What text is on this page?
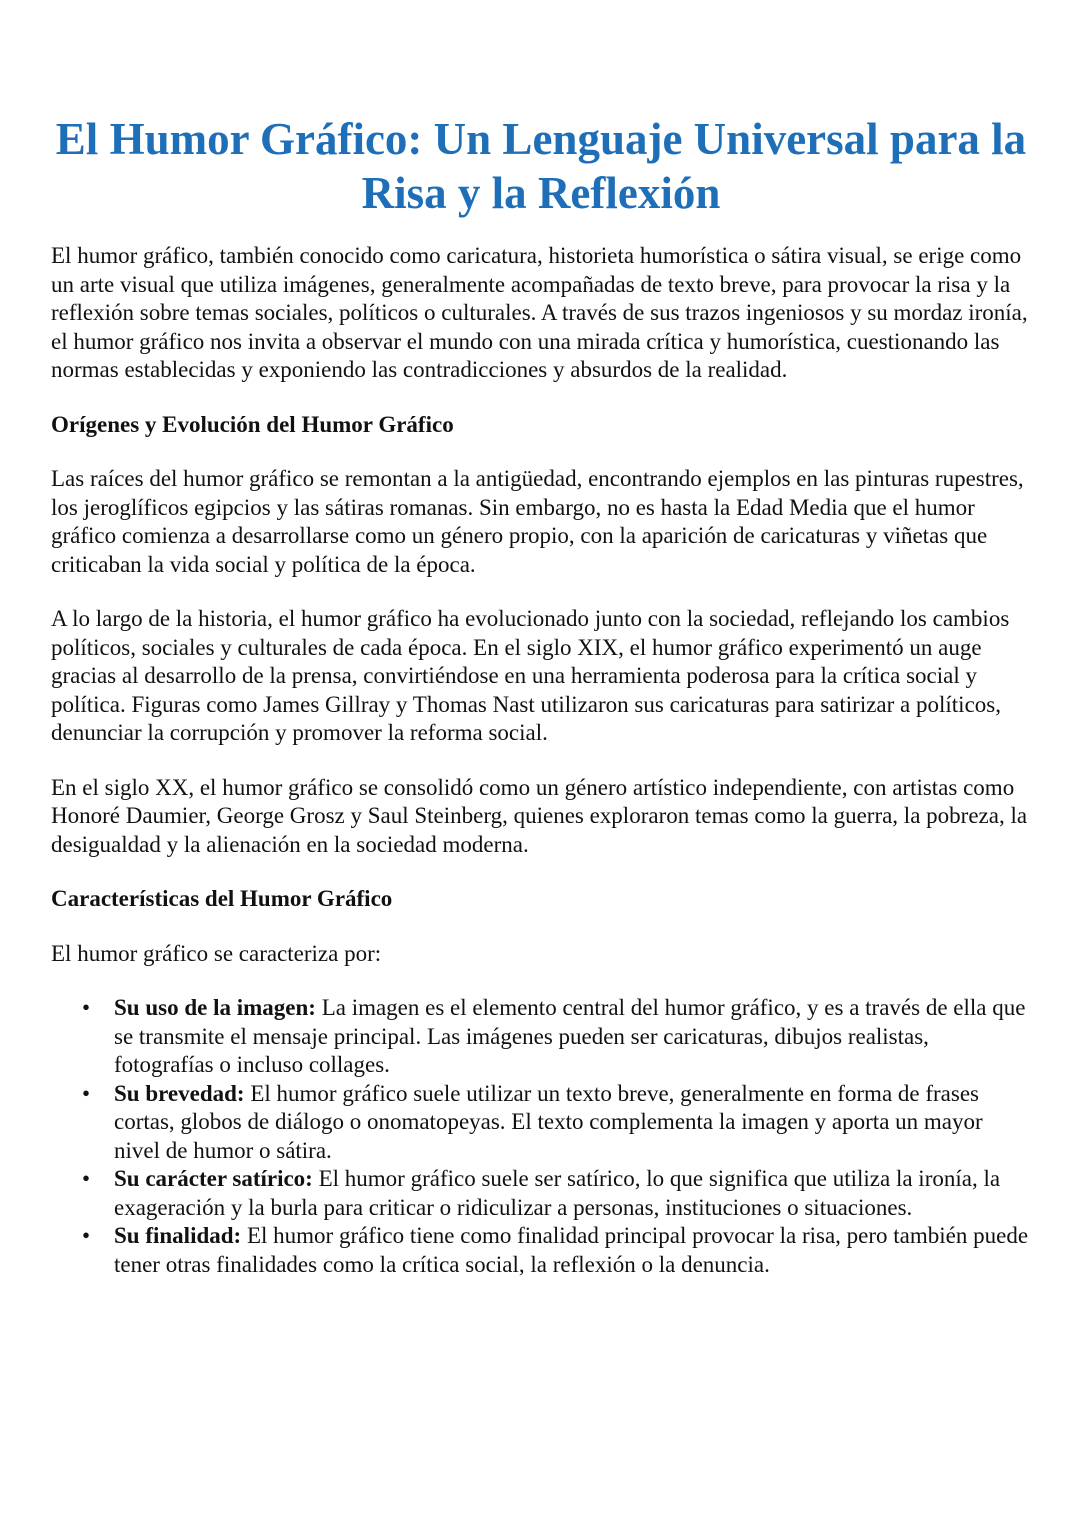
El Humor Gráfico: Un Lenguaje Universal para la Risa y la Reflexión

El humor gráfico, también conocido como caricatura, historieta humorística o sátira visual, se erige como un arte visual que utiliza imágenes, generalmente acompañadas de texto breve, para provocar la risa y la reflexión sobre temas sociales, políticos o culturales. A través de sus trazos ingeniosos y su mordaz ironía, el humor gráfico nos invita a observar el mundo con una mirada crítica y humorística, cuestionando las normas establecidas y exponiendo las contradicciones y absurdos de la realidad.

Orígenes y Evolución del Humor Gráfico

Las raíces del humor gráfico se remontan a la antigüedad, encontrando ejemplos en las pinturas rupestres, los jeroglíficos egipcios y las sátiras romanas. Sin embargo, no es hasta la Edad Media que el humor gráfico comienza a desarrollarse como un género propio, con la aparición de caricaturas y viñetas que criticaban la vida social y política de la época.

A lo largo de la historia, el humor gráfico ha evolucionado junto con la sociedad, reflejando los cambios políticos, sociales y culturales de cada época. En el siglo XIX, el humor gráfico experimentó un auge gracias al desarrollo de la prensa, convirtiéndose en una herramienta poderosa para la crítica social y política. Figuras como James Gillray y Thomas Nast utilizaron sus caricaturas para satirizar a políticos, denunciar la corrupción y promover la reforma social.

En el siglo XX, el humor gráfico se consolidó como un género artístico independiente, con artistas como Honoré Daumier, George Grosz y Saul Steinberg, quienes exploraron temas como la guerra, la pobreza, la desigualdad y la alienación en la sociedad moderna.

Características del Humor Gráfico

El humor gráfico se caracteriza por:

• Su uso de la imagen: La imagen es el elemento central del humor gráfico, y es a través de ella que se transmite el mensaje principal. Las imágenes pueden ser caricaturas, dibujos realistas, fotografías o incluso collages.
• Su brevedad: El humor gráfico suele utilizar un texto breve, generalmente en forma de frases cortas, globos de diálogo o onomatopeyas. El texto complementa la imagen y aporta un mayor nivel de humor o sátira.
• Su carácter satírico: El humor gráfico suele ser satírico, lo que significa que utiliza la ironía, la exageración y la burla para criticar o ridiculizar a personas, instituciones o situaciones.
• Su finalidad: El humor gráfico tiene como finalidad principal provocar la risa, pero también puede tener otras finalidades como la crítica social, la reflexión o la denuncia.
